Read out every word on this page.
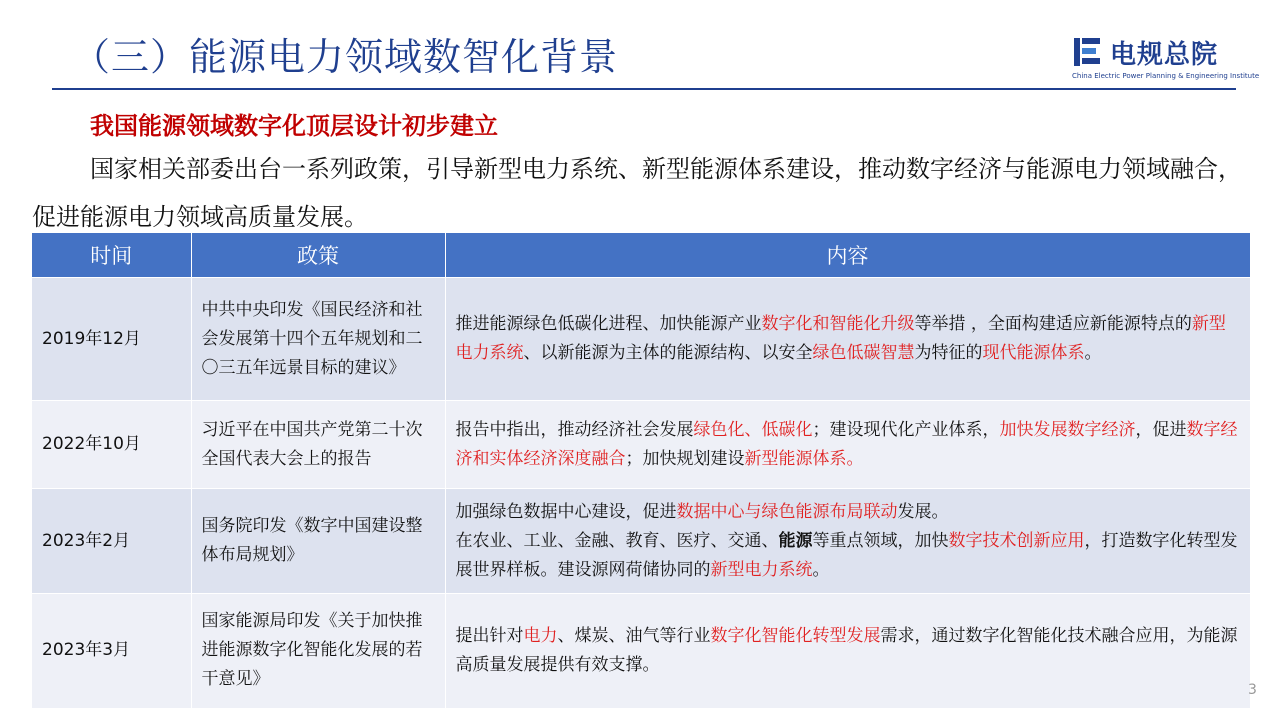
（三）能源电力领域数智化背景	电规总院
China Electric Power Planning & Engineering Institute
我国能源领域数字化顶层设计初步建立
国家相关部委出台一系列政策，引导新型电力系统、新型能源体系建设，推动数字经济与能源电力领域融合，促进能源电力领域高质量发展。
时间	政策	内容
2019年12月	中共中央印发《国民经济和社会发展第十四个五年规划和二〇三五年远景目标的建议》	推进能源绿色低碳化进程、加快能源产业数字化和智能化升级等举措 ，全面构建适应新能源特点的新型电力系统、以新能源为主体的能源结构、以安全绿色低碳智慧为特征的现代能源体系。
2022年10月	习近平在中国共产党第二十次全国代表大会上的报告	报告中指出，推动经济社会发展绿色化、低碳化；建设现代化产业体系，加快发展数字经济，促进数字经济和实体经济深度融合；加快规划建设新型能源体系。
2023年2月	国务院印发《数字中国建设整体布局规划》	加强绿色数据中心建设，促进数据中心与绿色能源布局联动发展。
在农业、工业、金融、教育、医疗、交通、能源等重点领域，加快数字技术创新应用，打造数字化转型发展世界样板。建设源网荷储协同的新型电力系统。
2023年3月	国家能源局印发《关于加快推进能源数字化智能化发展的若干意见》	提出针对电力、煤炭、油气等行业数字化智能化转型发展需求，通过数字化智能化技术融合应用，为能源高质量发展提供有效支撑。
3
